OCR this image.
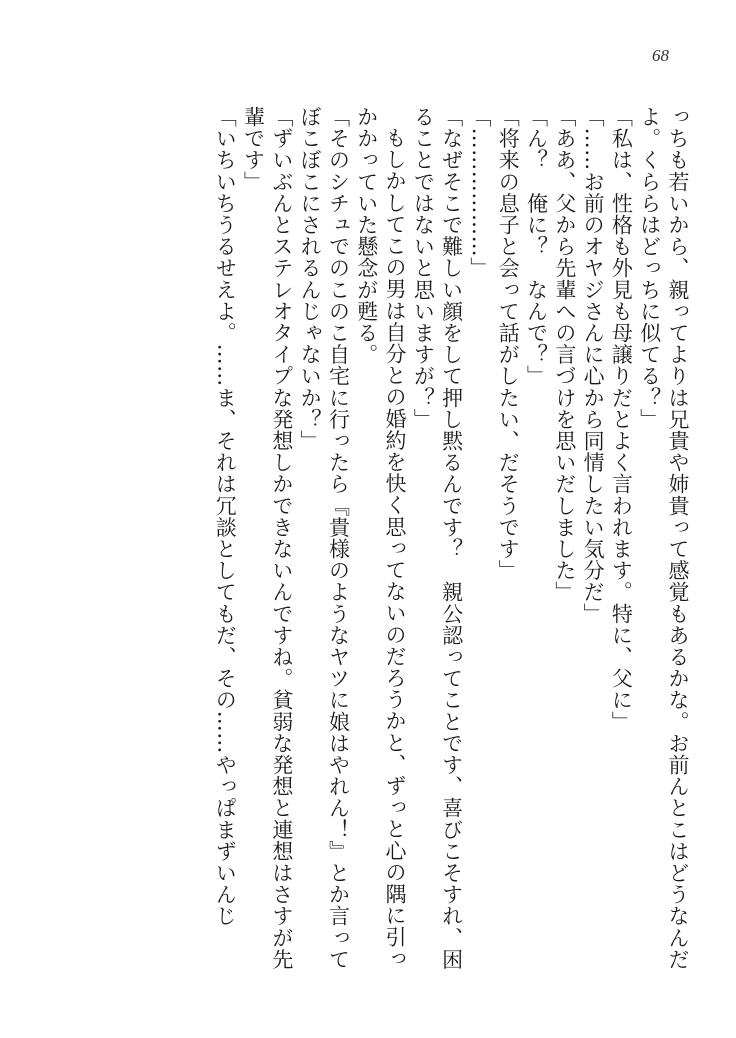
68

っちも若いから、親ってよりは兄貴や姉貴って感覚もあるかな。お前んとこはどうなんだよ。くららはどっちに似てる？」

「私は、性格も外見も母譲りだとよく言われます。特に、父に」

「……お前のオヤジさんに心から同情したい気分だ」

「ああ、父から先輩への言づけを思いだしました」

「ん？　俺に？　なんで？」

「将来の息子と会って話がしたい、だそうです」

「………………」

「なぜそこで難しい顔をして押し黙るんです？　親公認ってことです、喜びこそすれ、困ることではないと思いますが？」

もしかしてこの男は自分との婚約を快く思ってないのだろうかと、ずっと心の隅に引っかかっていた懸念が甦る。

「そのシチュでのこのこ自宅に行ったら『貴様のようなヤツに娘はやれん！』とか言ってぼこぼこにされるんじゃないか？」

「ずいぶんとステレオタイプな発想しかできないんですね。貧弱な発想と連想はさすが先輩です」

「いちいちうるせえよ。……ま、それは冗談としてもだ、その……やっぱまずいんじ
